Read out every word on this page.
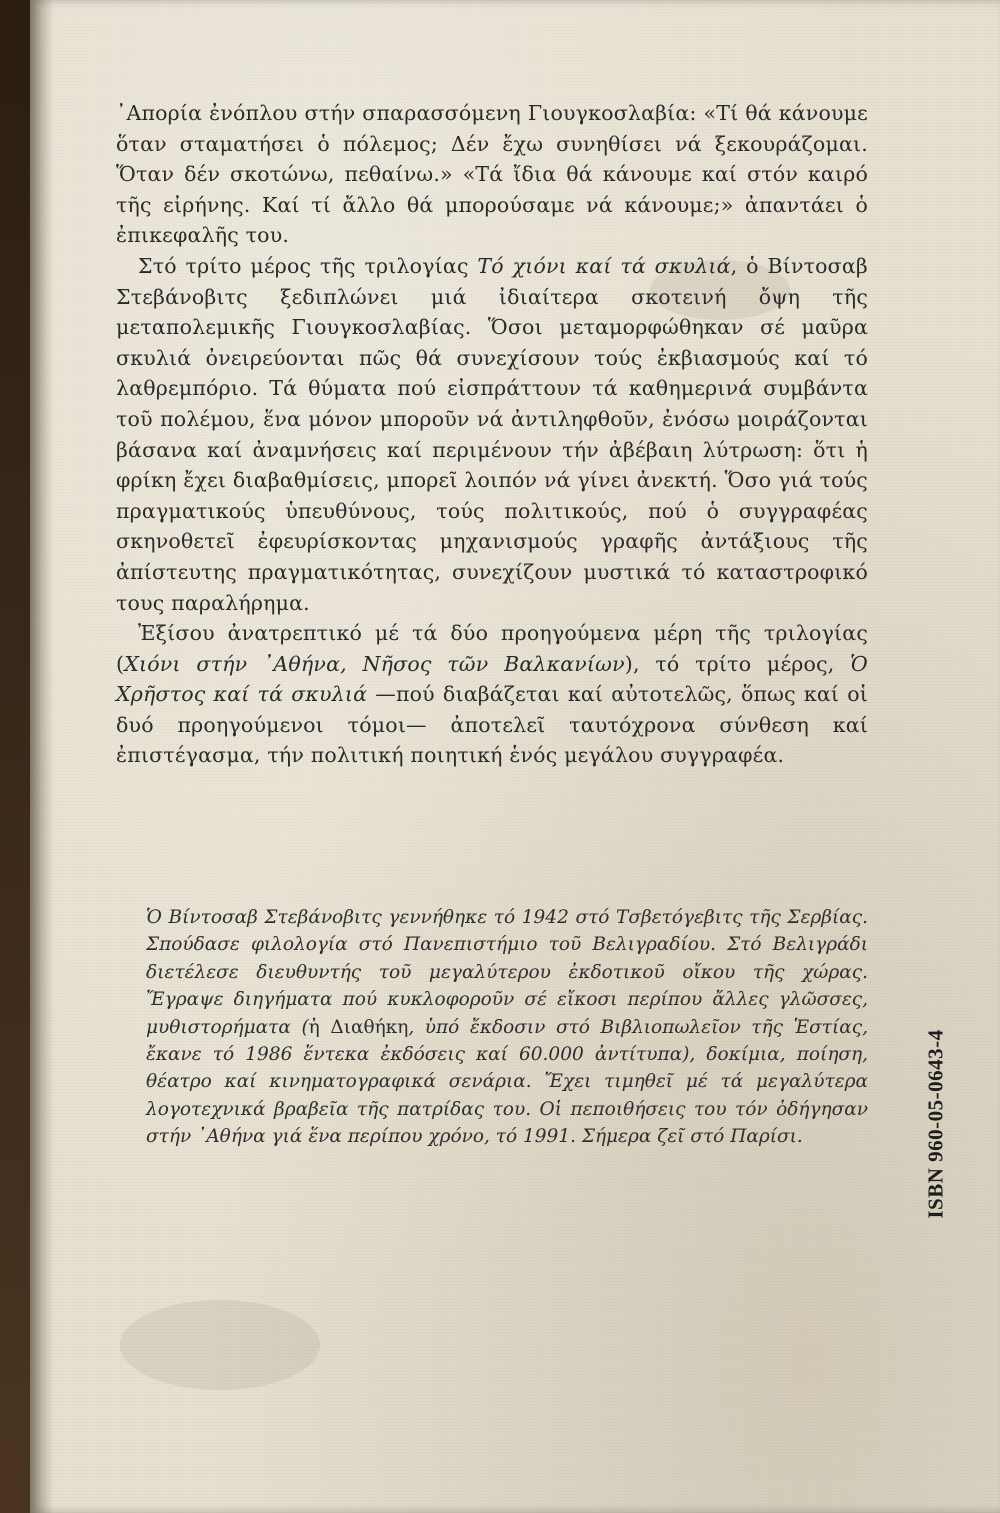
᾿Απορία ἐνόπλου στήν σπαρασσόμενη Γιουγκοσλαβία: «Τί θά κάνουμε ὅταν σταματήσει ὁ πόλεμος; Δέν ἔχω συνηθίσει νά ξεκουράζομαι. Ὅταν δέν σκοτώνω, πεθαίνω.» «Τά ἴδια θά κάνουμε καί στόν καιρό τῆς εἰρήνης. Καί τί ἄλλο θά μπορούσαμε νά κάνουμε;» ἀπαντάει ὁ ἐπικεφαλῆς του.

Στό τρίτο μέρος τῆς τριλογίας Τό χιόνι καί τά σκυλιά, ὁ Βίντοσαβ Στεβάνοβιτς ξεδιπλώνει μιά ἰδιαίτερα σκοτεινή ὄψη τῆς μεταπολεμικῆς Γιουγκοσλαβίας. Ὅσοι μεταμορφώθηκαν σέ μαῦρα σκυλιά ὀνειρεύονται πῶς θά συνεχίσουν τούς ἐκβιασμούς καί τό λαθρεμπόριο. Τά θύματα πού εἰσπράττουν τά καθημερινά συμβάντα τοῦ πολέμου, ἕνα μόνον μποροῦν νά ἀντιληφθοῦν, ἐνόσω μοιράζονται βάσανα καί ἀναμνήσεις καί περιμένουν τήν ἀβέβαιη λύτρωση: ὅτι ἡ φρίκη ἔχει διαβαθμίσεις, μπορεῖ λοιπόν νά γίνει ἀνεκτή. Ὅσο γιά τούς πραγματικούς ὑπευθύνους, τούς πολιτικούς, πού ὁ συγγραφέας σκηνοθετεῖ ἐφευρίσκοντας μηχανισμούς γραφῆς ἀντάξιους τῆς ἀπίστευτης πραγματικότητας, συνεχίζουν μυστικά τό καταστροφικό τους παραλήρημα.

Ἐξίσου ἀνατρεπτικό μέ τά δύο προηγούμενα μέρη τῆς τριλογίας (Χιόνι στήν ᾿Αθήνα, Νῆσος τῶν Βαλκανίων), τό τρίτο μέρος, Ὁ Χρῆστος καί τά σκυλιά —πού διαβάζεται καί αὐτοτελῶς, ὅπως καί οἱ δυό προηγούμενοι τόμοι— ἀποτελεῖ ταυτόχρονα σύνθεση καί ἐπιστέγασμα, τήν πολιτική ποιητική ἑνός μεγάλου συγγραφέα.

Ὁ Βίντοσαβ Στεβάνοβιτς γεννήθηκε τό 1942 στό Τσβετόγεβιτς τῆς Σερβίας. Σπούδασε φιλολογία στό Πανεπιστήμιο τοῦ Βελιγραδίου. Στό Βελιγράδι διετέλεσε διευθυντής τοῦ μεγαλύτερου ἐκδοτικοῦ οἴκου τῆς χώρας. Ἔγραψε διηγήματα πού κυκλοφοροῦν σέ εἴκοσι περίπου ἄλλες γλῶσσες, μυθιστορήματα (ἡ Διαθήκη, ὑπό ἔκδοσιν στό Βιβλιοπωλεῖον τῆς Ἑστίας, ἔκανε τό 1986 ἕντεκα ἐκδόσεις καί 60.000 ἀντίτυπα), δοκίμια, ποίηση, θέατρο καί κινηματογραφικά σενάρια. Ἔχει τιμηθεῖ μέ τά μεγαλύτερα λογοτεχνικά βραβεῖα τῆς πατρίδας του. Οἱ πεποιθήσεις του τόν ὁδήγησαν στήν ᾿Αθήνα γιά ἕνα περίπου χρόνο, τό 1991. Σήμερα ζεῖ στό Παρίσι.	ISBN 960-05-0643-4
